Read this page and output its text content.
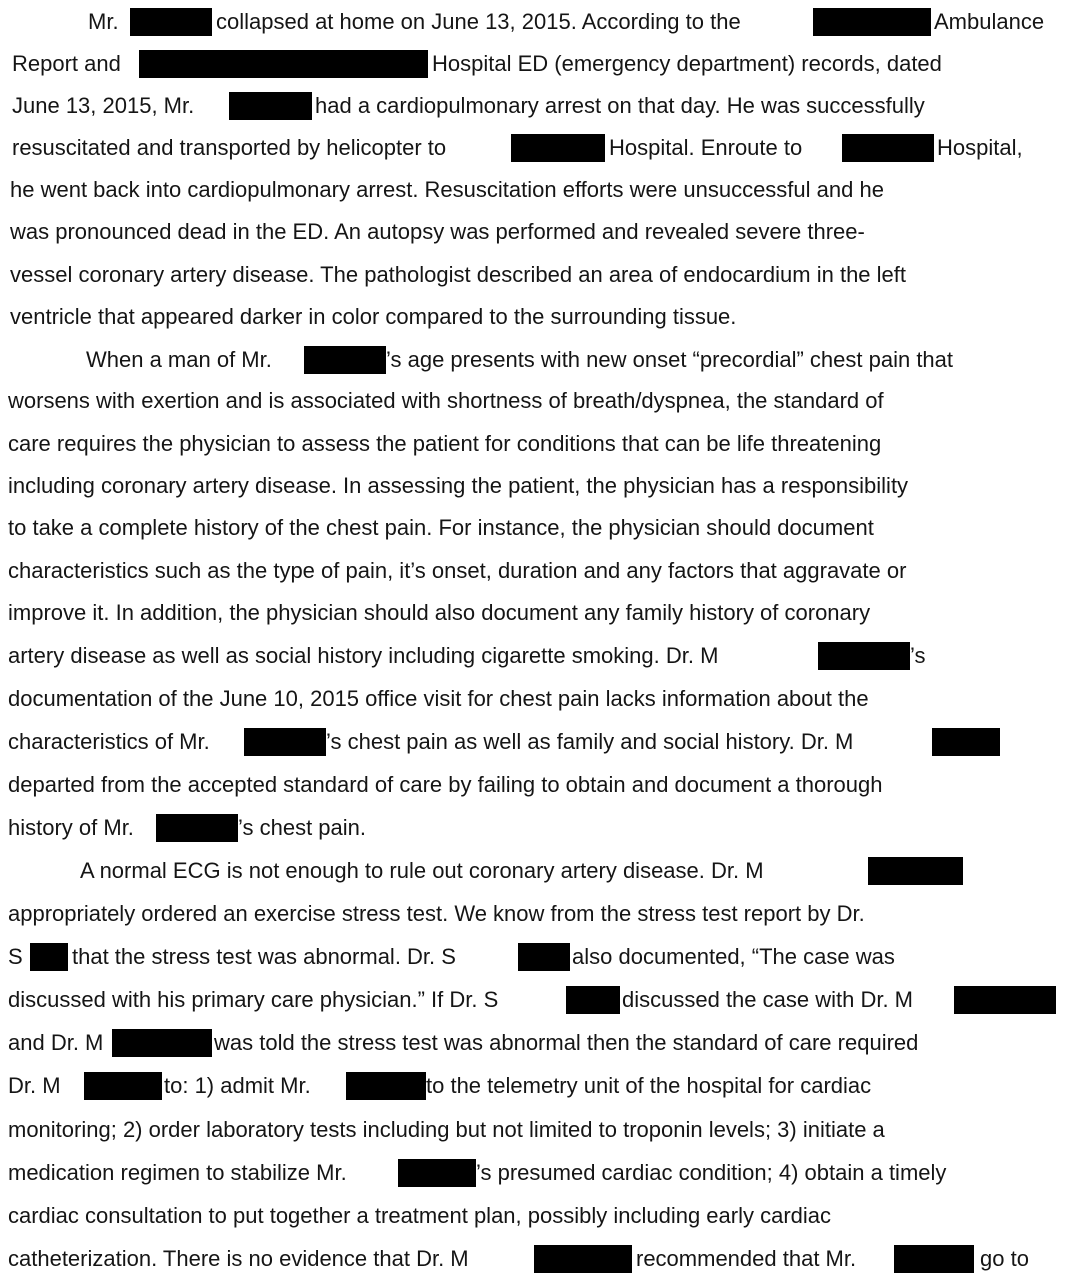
Mr.	collapsed at home on June 13, 2015. According to the	Ambulance
Report and	Hospital ED (emergency department) records, dated
June 13, 2015, Mr.	had a cardiopulmonary arrest on that day. He was successfully
resuscitated and transported by helicopter to	Hospital. Enroute to	Hospital,
he went back into cardiopulmonary arrest. Resuscitation efforts were unsuccessful and he
was pronounced dead in the ED. An autopsy was performed and revealed severe three-
vessel coronary artery disease. The pathologist described an area of endocardium in the left
ventricle that appeared darker in color compared to the surrounding tissue.
When a man of Mr.	’s age presents with new onset “precordial” chest pain that
worsens with exertion and is associated with shortness of breath/dyspnea, the standard of
care requires the physician to assess the patient for conditions that can be life threatening
including coronary artery disease. In assessing the patient, the physician has a responsibility
to take a complete history of the chest pain. For instance, the physician should document
characteristics such as the type of pain, it’s onset, duration and any factors that aggravate or
improve it. In addition, the physician should also document any family history of coronary
artery disease as well as social history including cigarette smoking. Dr. M	’s
documentation of the June 10, 2015 office visit for chest pain lacks information about the
characteristics of Mr.	’s chest pain as well as family and social history. Dr. M
departed from the accepted standard of care by failing to obtain and document a thorough
history of Mr.	’s chest pain.
A normal ECG is not enough to rule out coronary artery disease. Dr. M
appropriately ordered an exercise stress test. We know from the stress test report by Dr.
S that the stress test was abnormal. Dr. S	also documented, “The case was
discussed with his primary care physician.” If Dr. S	discussed the case with Dr. M
and Dr. M	was told the stress test was abnormal then the standard of care required
Dr. M	to: 1) admit Mr.	to the telemetry unit of the hospital for cardiac
monitoring; 2) order laboratory tests including but not limited to troponin levels; 3) initiate a
medication regimen to stabilize Mr.	’s presumed cardiac condition; 4) obtain a timely
cardiac consultation to put together a treatment plan, possibly including early cardiac
catheterization. There is no evidence that Dr. M	recommended that Mr.	go to
